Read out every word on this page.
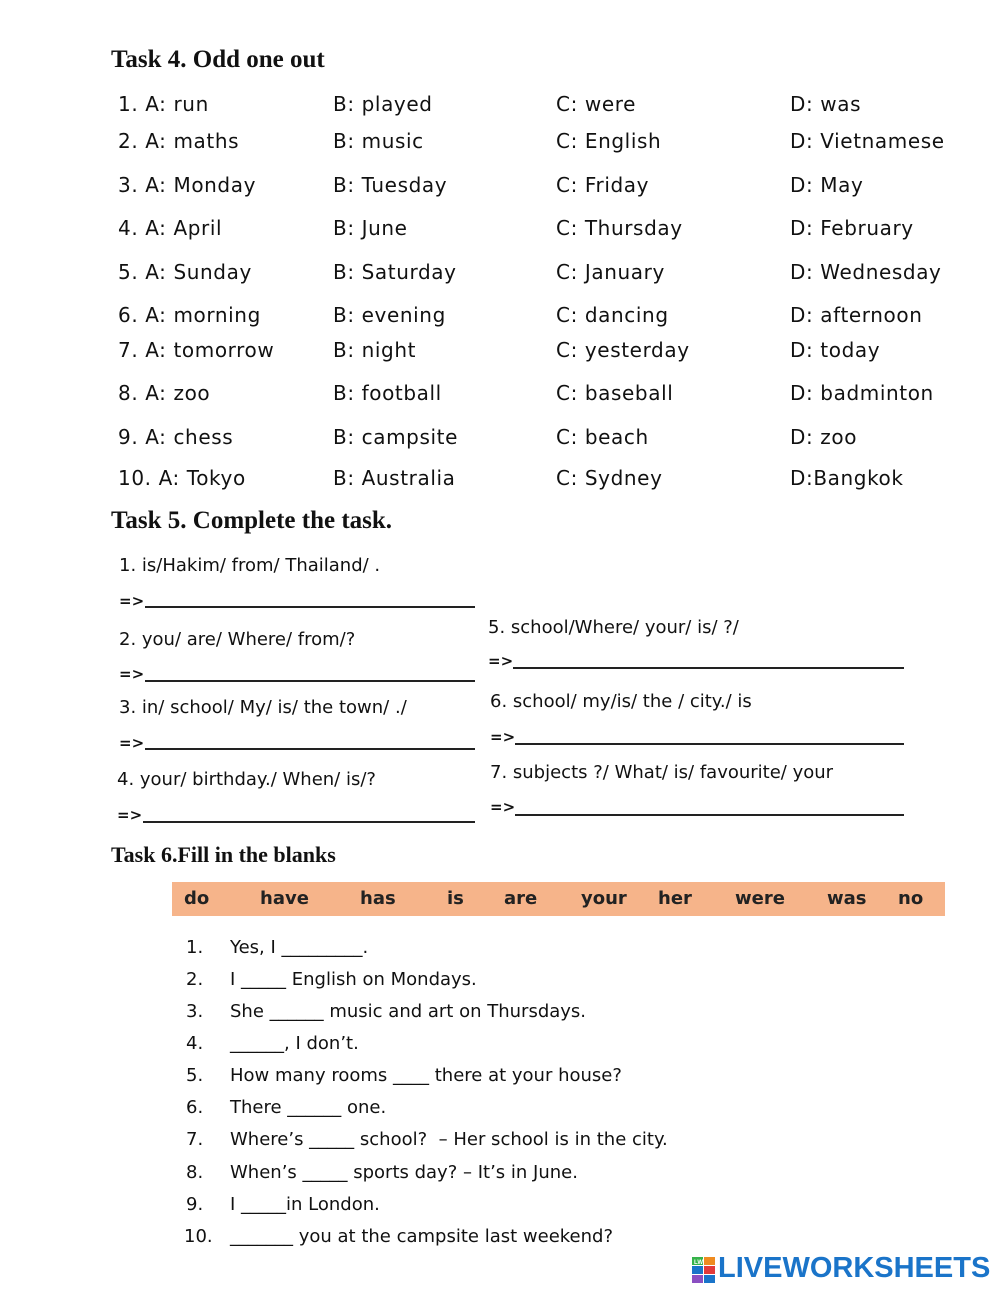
Task 4. Odd one out
1. A: run	B: played	C: were	D: was
2. A: maths	B: music	C: English	D: Vietnamese
3. A: Monday	B: Tuesday	C: Friday	D: May
4. A: April	B: June	C: Thursday	D: February
5. A: Sunday	B: Saturday	C: January	D: Wednesday
6. A: morning	B: evening	C: dancing	D: afternoon
7. A: tomorrow	B: night	C: yesterday	D: today
8. A: zoo	B: football	C: baseball	D: badminton
9. A: chess	B: campsite	C: beach	D: zoo
10. A: Tokyo	B: Australia	C: Sydney	D:Bangkok
Task 5. Complete the task.
1. is/Hakim/ from/ Thailand/ .
=>
2. you/ are/ Where/ from/?
=>
3. in/ school/ My/ is/ the town/ ./
=>
4. your/ birthday./ When/ is/?
=>
5. school/Where/ your/ is/ ?/
=>
6. school/ my/is/ the / city./ is
=>
7. subjects ?/ What/ is/ favourite/ your
=>
Task 6.Fill in the blanks
do	have	has	is are your her were was no
1. Yes, I _________.
2. I _____ English on Mondays.
3. She ______ music and art on Thursdays.
4. ______, I don’t.
5. How many rooms ____ there at your house?
6. There ______ one.
7. Where’s _____ school?  – Her school is in the city.
8. When’s _____ sports day? – It’s in June.
9. I _____in London.
10. _______ you at the campsite last weekend?
LW LIVEWORKSHEETS
